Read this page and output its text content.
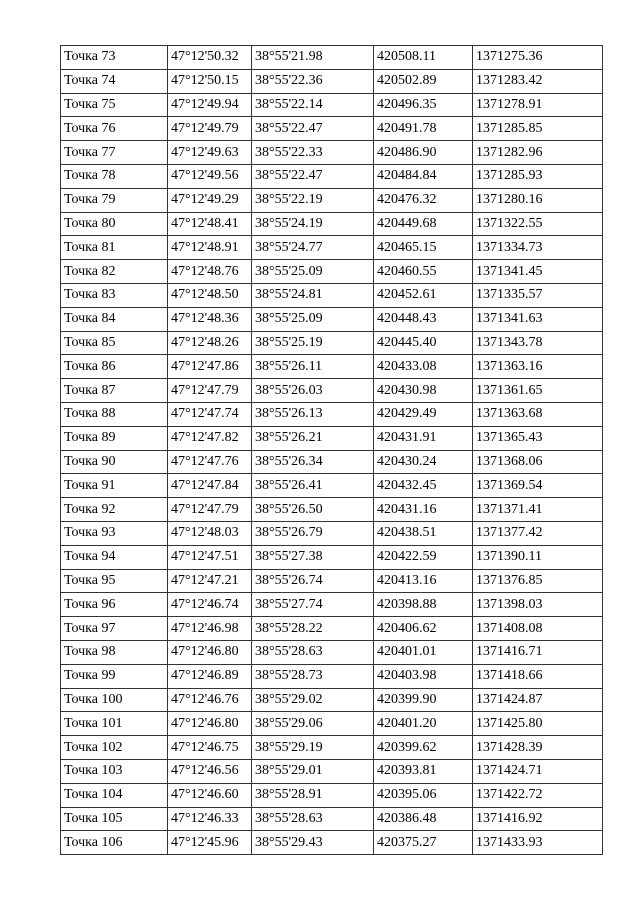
Точка 73	47°12'50.32	38°55'21.98	420508.11	1371275.36
Точка 74	47°12'50.15	38°55'22.36	420502.89	1371283.42
Точка 75	47°12'49.94	38°55'22.14	420496.35	1371278.91
Точка 76	47°12'49.79	38°55'22.47	420491.78	1371285.85
Точка 77	47°12'49.63	38°55'22.33	420486.90	1371282.96
Точка 78	47°12'49.56	38°55'22.47	420484.84	1371285.93
Точка 79	47°12'49.29	38°55'22.19	420476.32	1371280.16
Точка 80	47°12'48.41	38°55'24.19	420449.68	1371322.55
Точка 81	47°12'48.91	38°55'24.77	420465.15	1371334.73
Точка 82	47°12'48.76	38°55'25.09	420460.55	1371341.45
Точка 83	47°12'48.50	38°55'24.81	420452.61	1371335.57
Точка 84	47°12'48.36	38°55'25.09	420448.43	1371341.63
Точка 85	47°12'48.26	38°55'25.19	420445.40	1371343.78
Точка 86	47°12'47.86	38°55'26.11	420433.08	1371363.16
Точка 87	47°12'47.79	38°55'26.03	420430.98	1371361.65
Точка 88	47°12'47.74	38°55'26.13	420429.49	1371363.68
Точка 89	47°12'47.82	38°55'26.21	420431.91	1371365.43
Точка 90	47°12'47.76	38°55'26.34	420430.24	1371368.06
Точка 91	47°12'47.84	38°55'26.41	420432.45	1371369.54
Точка 92	47°12'47.79	38°55'26.50	420431.16	1371371.41
Точка 93	47°12'48.03	38°55'26.79	420438.51	1371377.42
Точка 94	47°12'47.51	38°55'27.38	420422.59	1371390.11
Точка 95	47°12'47.21	38°55'26.74	420413.16	1371376.85
Точка 96	47°12'46.74	38°55'27.74	420398.88	1371398.03
Точка 97	47°12'46.98	38°55'28.22	420406.62	1371408.08
Точка 98	47°12'46.80	38°55'28.63	420401.01	1371416.71
Точка 99	47°12'46.89	38°55'28.73	420403.98	1371418.66
Точка 100	47°12'46.76	38°55'29.02	420399.90	1371424.87
Точка 101	47°12'46.80	38°55'29.06	420401.20	1371425.80
Точка 102	47°12'46.75	38°55'29.19	420399.62	1371428.39
Точка 103	47°12'46.56	38°55'29.01	420393.81	1371424.71
Точка 104	47°12'46.60	38°55'28.91	420395.06	1371422.72
Точка 105	47°12'46.33	38°55'28.63	420386.48	1371416.92
Точка 106	47°12'45.96	38°55'29.43	420375.27	1371433.93
